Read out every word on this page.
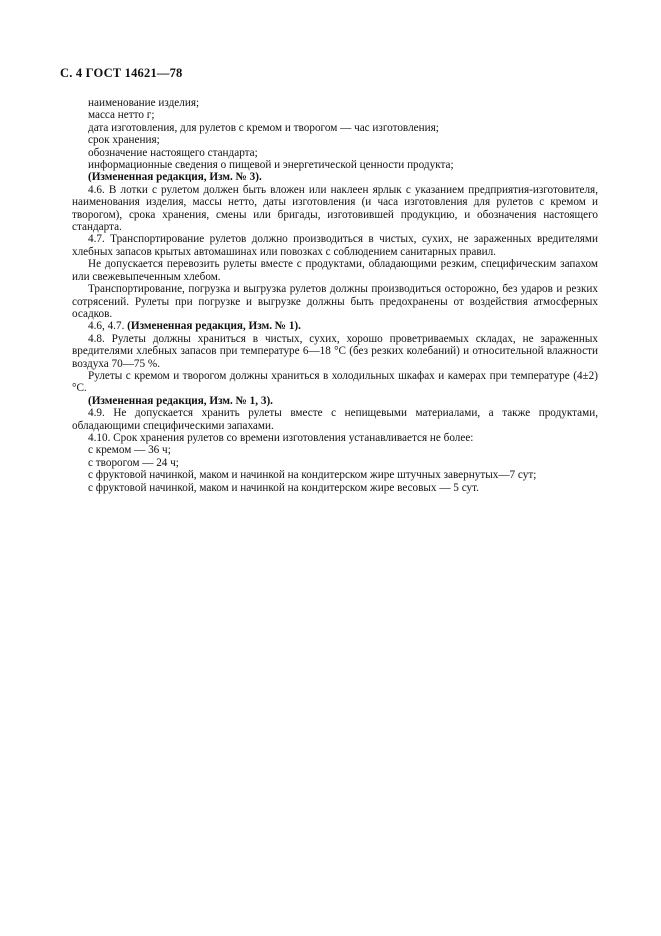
С. 4 ГОСТ 14621—78

наименование изделия;

масса нетто г;

дата изготовления, для рулетов с кремом и творогом — час изготовления;

срок хранения;

обозначение настоящего стандарта;

информационные сведения о пищевой и энергетической ценности продукта;

(Измененная редакция, Изм. № 3).

4.6. В лотки с рулетом должен быть вложен или наклеен ярлык с указанием предприятия-изготовителя, наименования изделия, массы нетто, даты изготовления (и часа изготовления для рулетов с кремом и творогом), срока хранения, смены или бригады, изготовившей продукцию, и обозначения настоящего стандарта.

4.7. Транспортирование рулетов должно производиться в чистых, сухих, не зараженных вредителями хлебных запасов крытых автомашинах или повозках с соблюдением санитарных правил.

Не допускается перевозить рулеты вместе с продуктами, обладающими резким, специфическим запахом или свежевыпеченным хлебом.

Транспортирование, погрузка и выгрузка рулетов должны производиться осторожно, без ударов и резких сотрясений. Рулеты при погрузке и выгрузке должны быть предохранены от воздействия атмосферных осадков.

4.6, 4.7. (Измененная редакция, Изм. № 1).

4.8. Рулеты должны храниться в чистых, сухих, хорошо проветриваемых складах, не зараженных вредителями хлебных запасов при температуре 6—18 °С (без резких колебаний) и относительной влажности воздуха 70—75 %.

Рулеты с кремом и творогом должны храниться в холодильных шкафах и камерах при температуре (4±2) °С.

(Измененная редакция, Изм. № 1, 3).

4.9. Не допускается хранить рулеты вместе с непищевыми материалами, а также продуктами, обладающими специфическими запахами.

4.10. Срок хранения рулетов со времени изготовления устанавливается не более:

с кремом — 36 ч;

с творогом — 24 ч;

с фруктовой начинкой, маком и начинкой на кондитерском жире штучных завернутых—7 сут;

с фруктовой начинкой, маком и начинкой на кондитерском жире весовых — 5 сут.
